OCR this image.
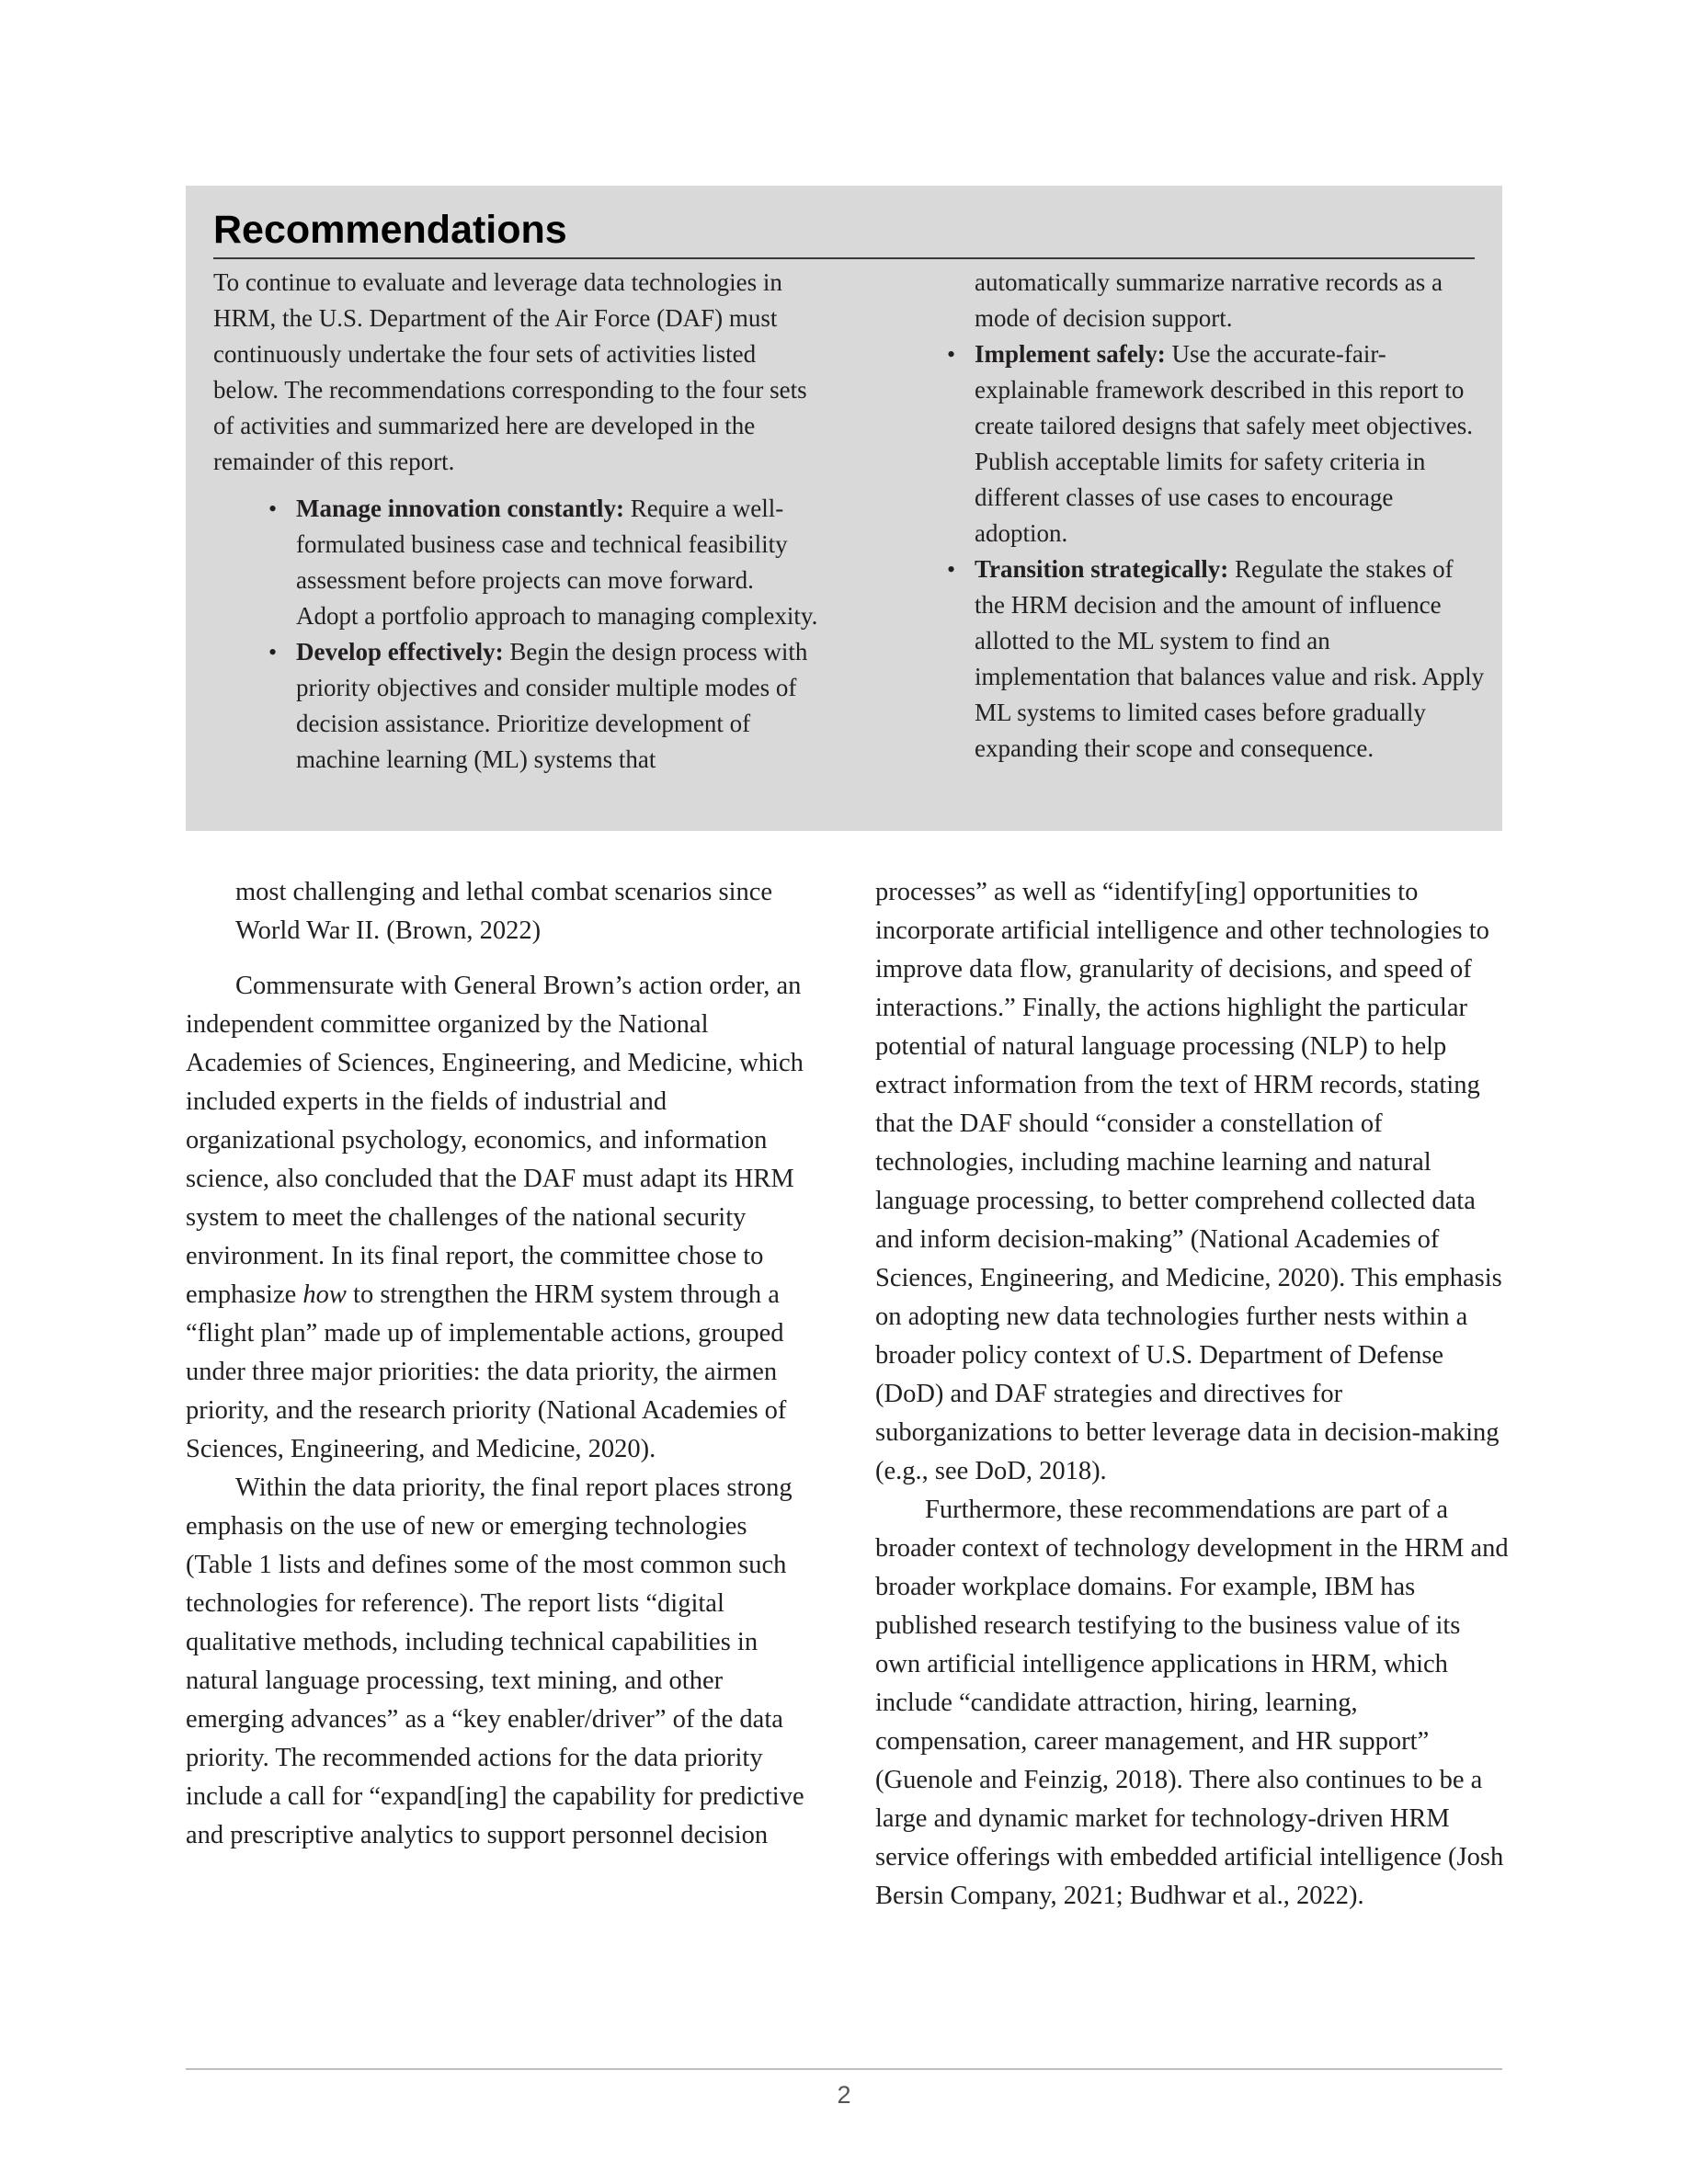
Recommendations

To continue to evaluate and leverage data technologies in HRM, the U.S. Department of the Air Force (DAF) must continuously undertake the four sets of activities listed below. The recommendations corresponding to the four sets of activities and summarized here are developed in the remainder of this report.

• Manage innovation constantly: Require a well-formulated business case and technical feasibility assessment before projects can move forward. Adopt a portfolio approach to managing complexity.
• Develop effectively: Begin the design process with priority objectives and consider multiple modes of decision assistance. Prioritize development of machine learning (ML) systems that

automatically summarize narrative records as a mode of decision support.

• Implement safely: Use the accurate-fair-explainable framework described in this report to create tailored designs that safely meet objectives. Publish acceptable limits for safety criteria in different classes of use cases to encourage adoption.
• Transition strategically: Regulate the stakes of the HRM decision and the amount of influence allotted to the ML system to find an implementation that balances value and risk. Apply ML systems to limited cases before gradually expanding their scope and consequence.

most challenging and lethal combat scenarios since World War II. (Brown, 2022)

Commensurate with General Brown’s action order, an independent committee organized by the National Academies of Sciences, Engineering, and Medicine, which included experts in the fields of industrial and organizational psychology, economics, and information science, also concluded that the DAF must adapt its HRM system to meet the challenges of the national security environment. In its final report, the committee chose to emphasize how to strengthen the HRM system through a “flight plan” made up of implementable actions, grouped under three major priorities: the data priority, the airmen priority, and the research priority (National Academies of Sciences, Engineering, and Medicine, 2020).

Within the data priority, the final report places strong emphasis on the use of new or emerging technologies (Table 1 lists and defines some of the most common such technologies for reference). The report lists “digital qualitative methods, including technical capabilities in natural language processing, text mining, and other emerging advances” as a “key enabler/driver” of the data priority. The recommended actions for the data priority include a call for “expand[ing] the capability for predictive and prescriptive analytics to support personnel decision

processes” as well as “identify[ing] opportunities to incorporate artificial intelligence and other technologies to improve data flow, granularity of decisions, and speed of interactions.” Finally, the actions highlight the particular potential of natural language processing (NLP) to help extract information from the text of HRM records, stating that the DAF should “consider a constellation of technologies, including machine learning and natural language processing, to better comprehend collected data and inform decision-making” (National Academies of Sciences, Engineering, and Medicine, 2020). This emphasis on adopting new data technologies further nests within a broader policy context of U.S. Department of Defense (DoD) and DAF strategies and directives for suborganizations to better leverage data in decision-making (e.g., see DoD, 2018).

Furthermore, these recommendations are part of a broader context of technology development in the HRM and broader workplace domains. For example, IBM has published research testifying to the business value of its own artificial intelligence applications in HRM, which include “candidate attraction, hiring, learning, compensation, career management, and HR support” (Guenole and Feinzig, 2018). There also continues to be a large and dynamic market for technology-driven HRM service offerings with embedded artificial intelligence (Josh Bersin Company, 2021; Budhwar et al., 2022).

2
